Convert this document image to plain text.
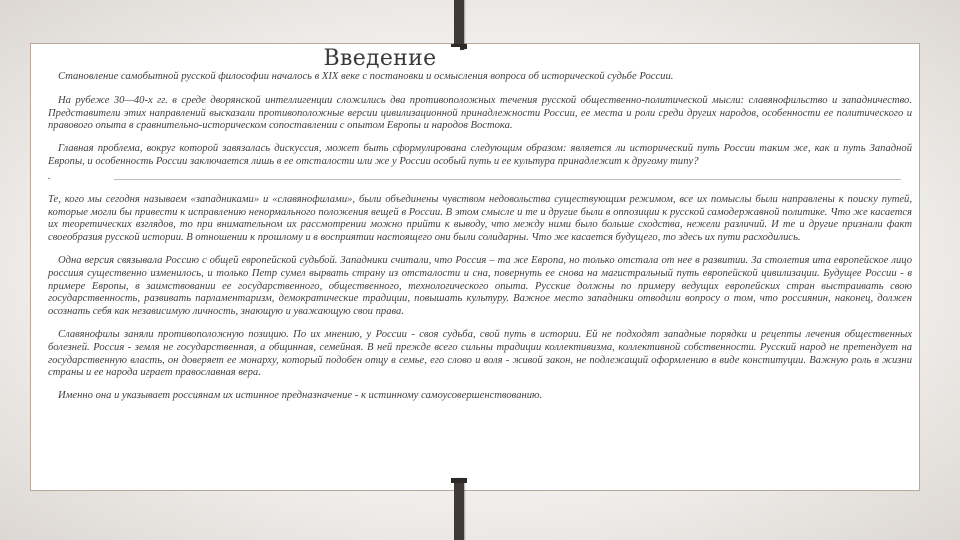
Введение

Становление самобытной русской философии началось в XIX веке с постановки и осмысления вопроса об исторической судьбе России.

На рубеже 30—40-х гг. в среде дворянской интеллигенции сложились два противоположных течения русской общественно-политической мысли: славянофильство и западничество. Представители этих направлений высказали противоположные версии цивилизационной принадлежности России, ее места и роли среди других народов, особенности ее политического и правового опыта в сравнительно-историческом сопоставлении с опытом Европы и народов Востока.

Главная проблема, вокруг которой завязалась дискуссия, может быть сформулирована следующим образом: является ли исторический путь России таким же, как и путь Западной Европы, и особенность России заключается лишь в ее отсталости или же у России особый путь и ее культура принадлежит к другому типу?

.

Те, кого мы сегодня называем «западниками» и «славянофилами», были объединены чувством недовольства существующим режимом, все их помыслы были направлены к поиску путей, которые могли бы привести к исправлению ненормального положения вещей в России. В этом смысле и те и другие были в оппозиции к русской самодержавной политике. Что же касается их теоретических взглядов, то при внимательном их рассмотрении можно прийти к выводу, что между ними было больше сходства, нежели различий. И те и другие признали факт своеобразия русской истории. В отношении к прошлому и в восприятии настоящего они были солидарны. Что же касается будущего, то здесь их пути расходились.

Одна версия связывала Россию с общей европейской судьбой. Западники считали, что Россия – та же Европа, но только отстала от нее в развитии. За столетия ита европейское лицо россиия существенно изменилось, и только Петр сумел вырвать страну из отсталости и сна, повернуть ее снова на магистральный путь европейской цивилизации. Будущее России - в примере Европы, в заимствовании ее государственного, общественного, технологического опыта. Русские должны по примеру ведущих европейских стран выстраивать свою государственность, развивать парламентаризм, демократические традиции, повышать культуру. Важное место западники отводили вопросу о том, что россиянин, наконец, должен осознать себя как независимую личность, знающую и уважающую свои права.

Славянофилы заняли противоположную позицию. По их мнению, у России - своя судьба, свой путь в истории. Ей не подходят западные порядки и рецепты лечения общественных болезней. Россия - земля не государственная, а общинная, семейная. В ней прежде всего сильны традиции коллективизма, коллективной собственности. Русский народ не претендует на государственную власть, он доверяет ее монарху, который подобен отцу в семье, его слово и воля - живой закон, не подлежащий оформлению в виде конституции. Важную роль в жизни страны и ее народа играет православная вера.

Именно она и указывает россиянам их истинное предназначение - к истинному самоусовершенствованию.
